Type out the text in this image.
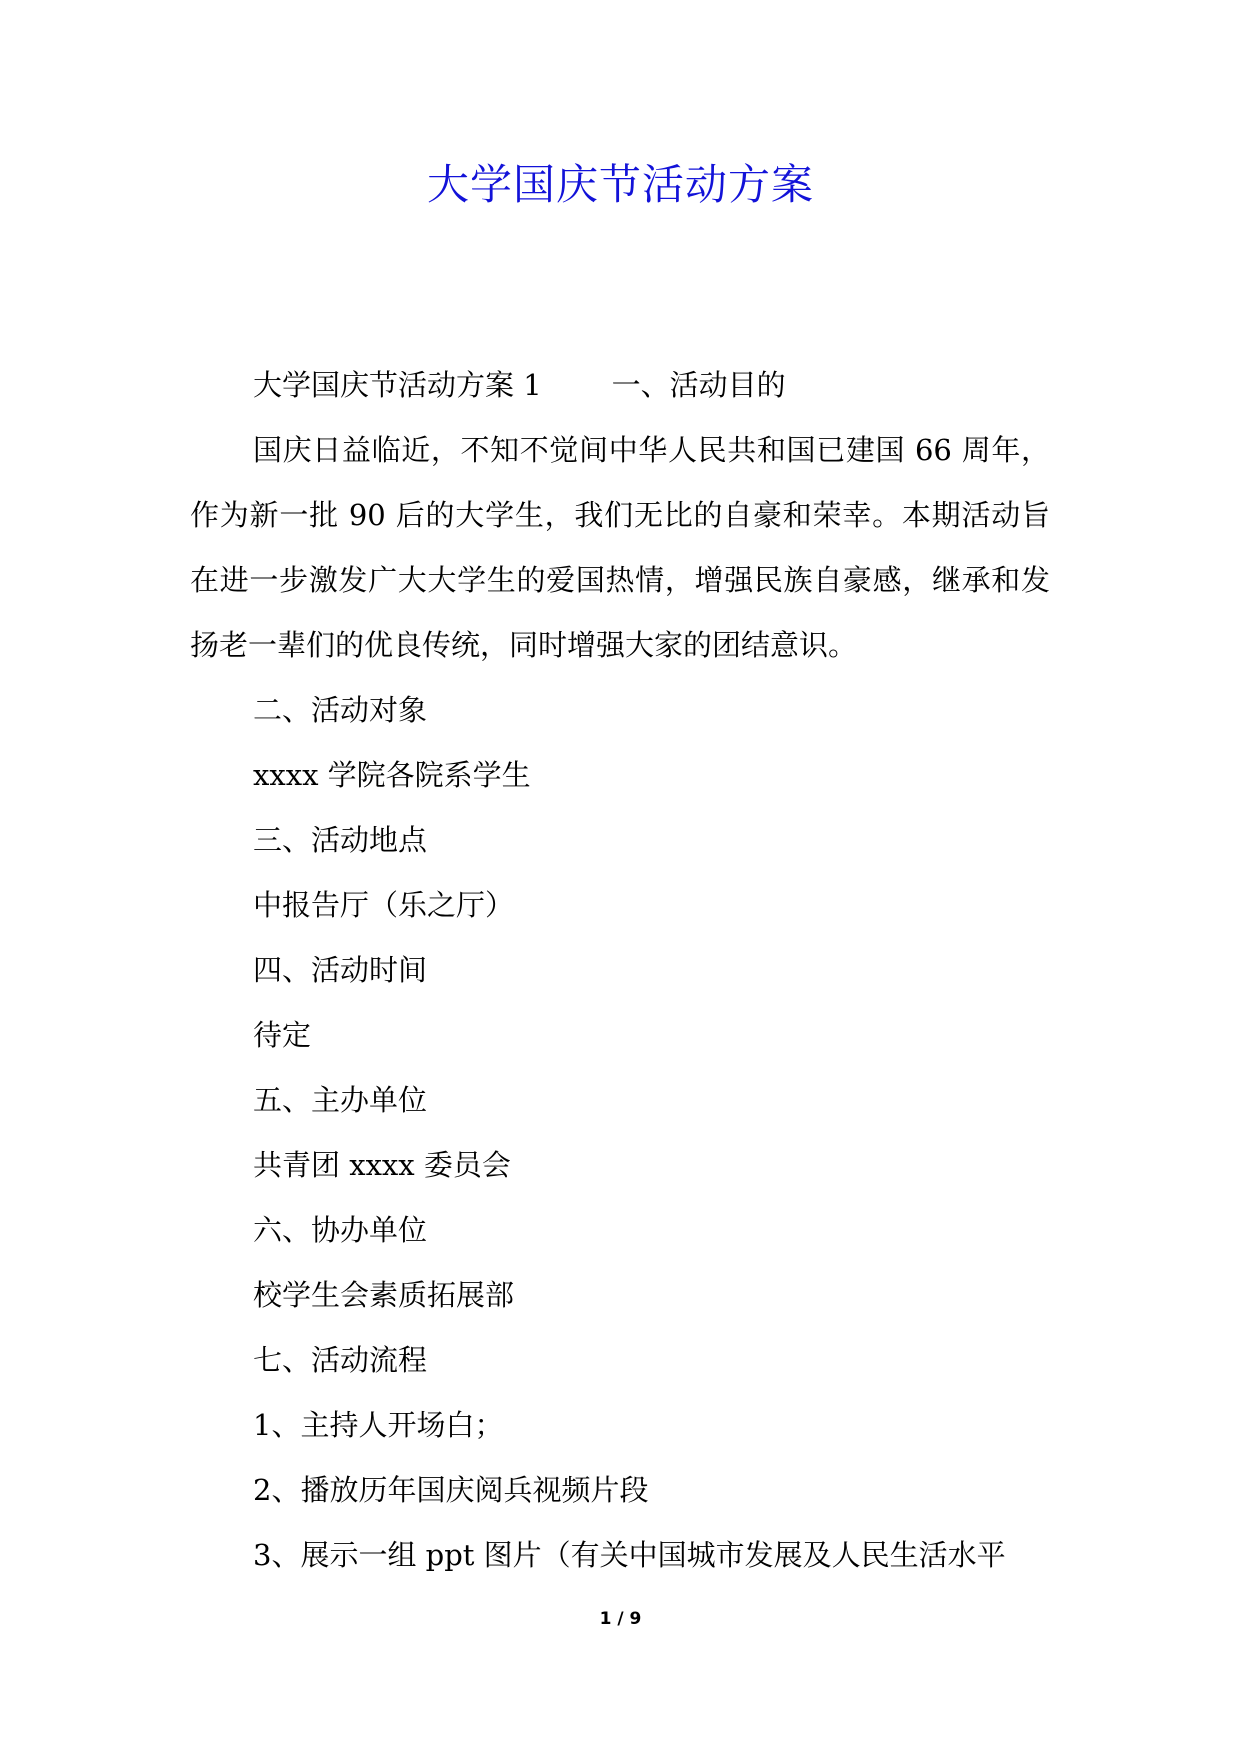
大学国庆节活动方案

大学国庆节活动方案 1 一、活动目的

国庆日益临近，不知不觉间中华人民共和国已建国 66 周年，作为新一批 90 后的大学生，我们无比的自豪和荣幸。本期活动旨在进一步激发广大大学生的爱国热情，增强民族自豪感，继承和发扬老一辈们的优良传统，同时增强大家的团结意识。

二、活动对象

xxxx 学院各院系学生

三、活动地点

中报告厅（乐之厅）

四、活动时间

待定

五、主办单位

共青团 xxxx 委员会

六、协办单位

校学生会素质拓展部

七、活动流程

1、主持人开场白；

2、播放历年国庆阅兵视频片段

3、展示一组 ppt 图片（有关中国城市发展及人民生活水平

1 / 9
